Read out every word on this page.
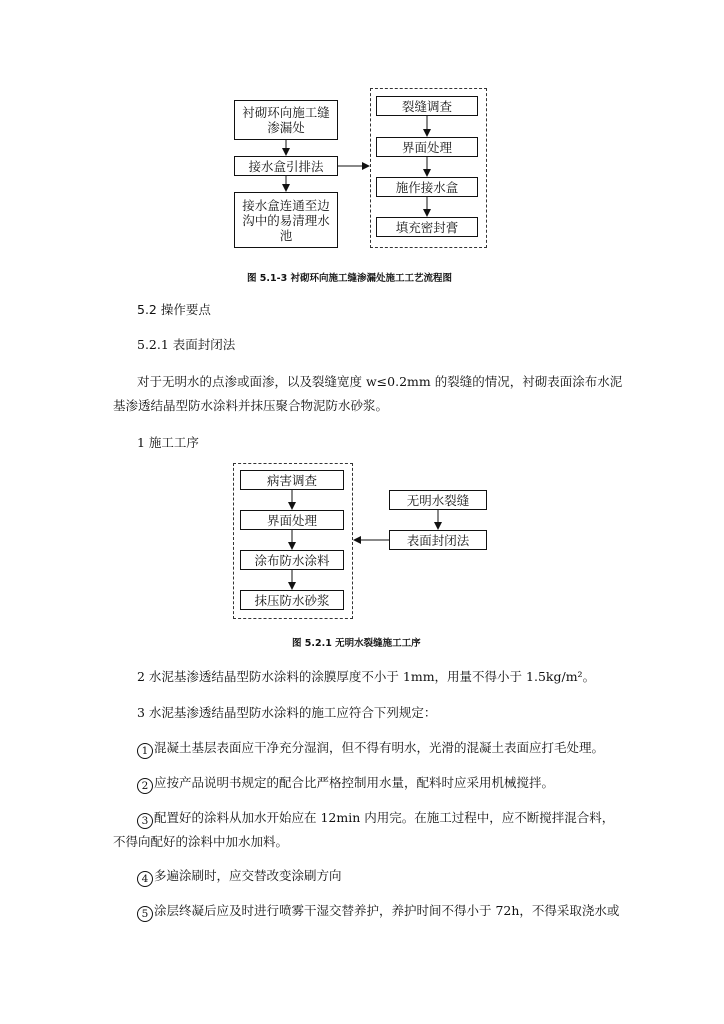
衬砌环向施工缝渗漏处
接水盒引排法
接水盒连通至边沟中的易清理水池
裂缝调查
界面处理
施作接水盒
填充密封膏
图 5.1-3 衬砌环向施工缝渗漏处施工工艺流程图
5.2 操作要点
5.2.1 表面封闭法
对于无明水的点渗或面渗，以及裂缝宽度 w≤0.2mm 的裂缝的情况，衬砌表面涂布水泥
基渗透结晶型防水涂料并抹压聚合物泥防水砂浆。
1 施工工序
病害调查
界面处理
涂布防水涂料
抹压防水砂浆
无明水裂缝
表面封闭法
图 5.2.1 无明水裂缝施工工序
2 水泥基渗透结晶型防水涂料的涂膜厚度不小于 1mm，用量不得小于 1.5kg/m²。
3 水泥基渗透结晶型防水涂料的施工应符合下列规定：
1 混凝土基层表面应干净充分湿润，但不得有明水，光滑的混凝土表面应打毛处理。
2 应按产品说明书规定的配合比严格控制用水量，配料时应采用机械搅拌。
3 配置好的涂料从加水开始应在 12min 内用完。在施工过程中，应不断搅拌混合料，
不得向配好的涂料中加水加料。
4 多遍涂刷时，应交替改变涂刷方向
5 涂层终凝后应及时进行喷雾干湿交替养护，养护时间不得小于 72h，不得采取浇水或
